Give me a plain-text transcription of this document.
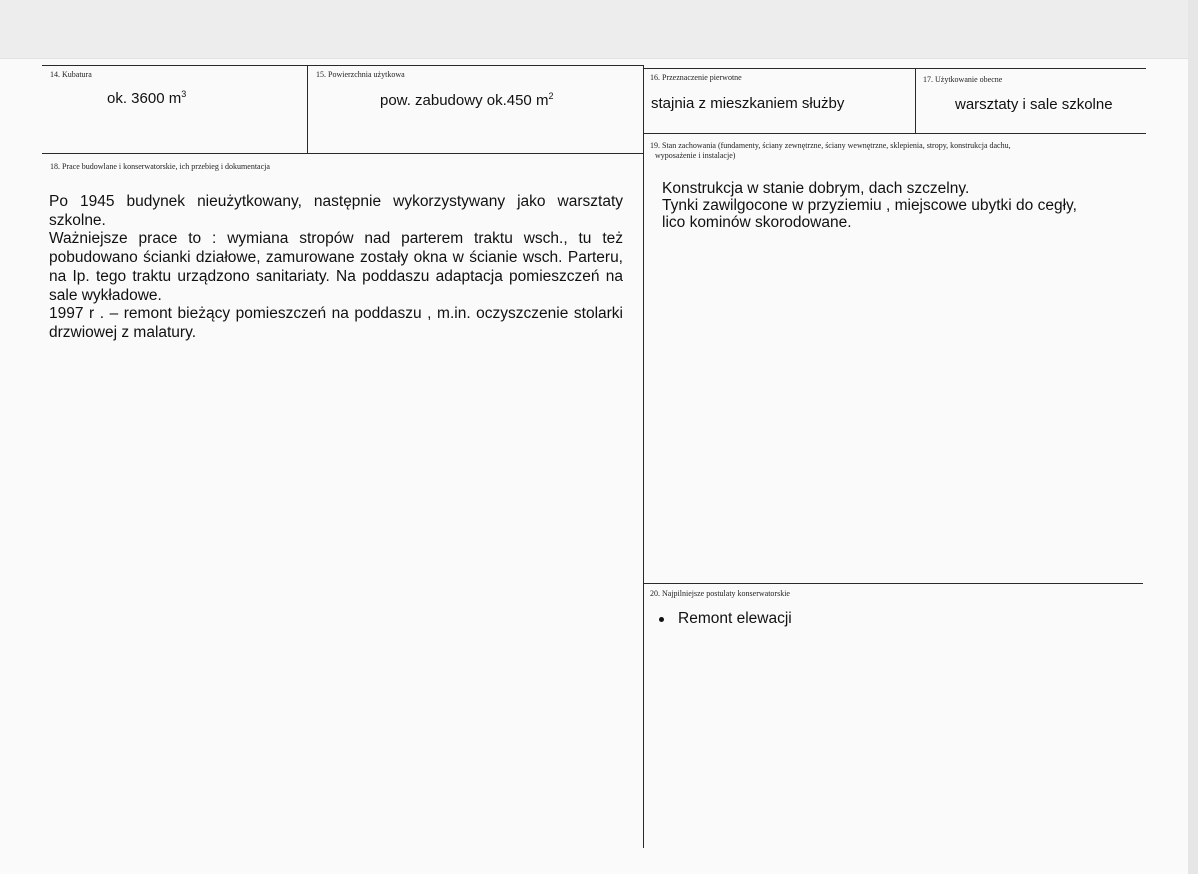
14. Kubatura
ok. 3600 $m^3$
15. Powierzchnia użytkowa
pow. zabudowy ok.450 $m^2$
16. Przeznaczenie pierwotne
stajnia z mieszkaniem służby
17. Użytkowanie obecne
warsztaty i sale szkolne
18. Prace budowlane i konserwatorskie, ich przebieg i dokumentacja

Po 1945 budynek nieużytkowany, następnie wykorzystywany jako warsztaty szkolne.

Ważniejsze prace to : wymiana stropów nad parterem traktu wsch., tu też pobudowano ścianki działowe, zamurowane zostały okna w ścianie wsch. Parteru, na Ip. tego traktu urządzono sanitariaty. Na poddaszu adaptacja pomieszczeń na sale wykładowe.

1997 r . – remont bieżący pomieszczeń na poddaszu , m.in. oczyszczenie stolarki drzwiowej z malatury.

19. Stan zachowania (fundamenty, ściany zewnętrzne, ściany wewnętrzne, sklepienia, stropy, konstrukcja dachu,
wyposażenie i instalacje)

Konstrukcja w stanie dobrym, dach szczelny.

Tynki zawilgocone w przyziemiu , miejscowe ubytki do cegły,

lico kominów skorodowane.

20. Najpilniejsze postulaty konserwatorskie
Remont elewacji
